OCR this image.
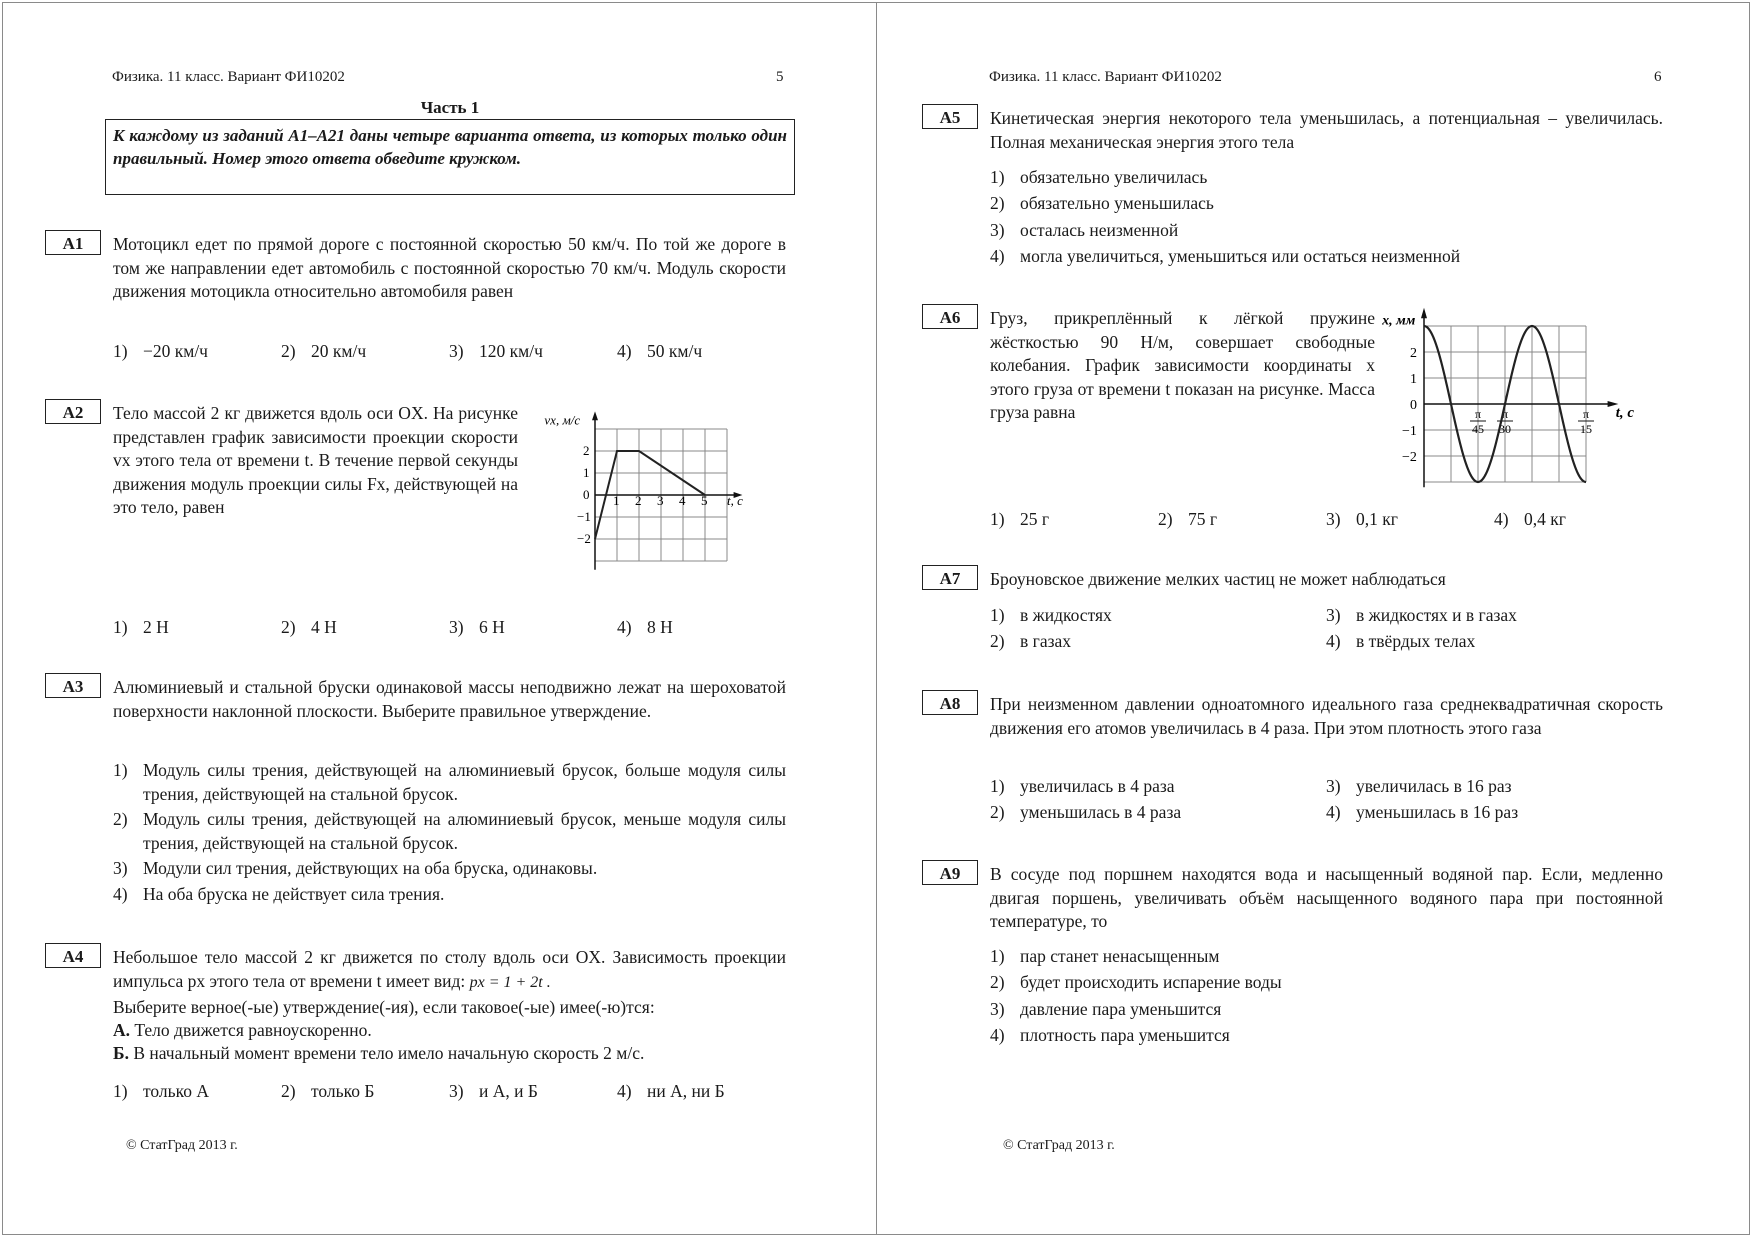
Физика. 11 класс. Вариант ФИ10202	5
Часть 1
К каждому из заданий А1–А21 даны четыре варианта ответа, из которых только один правильный. Номер этого ответа обведите кружком.
А1	Мотоцикл едет по прямой дороге с постоянной скоростью 50 км/ч. По той же дороге в том же направлении едет автомобиль с постоянной скоростью 70 км/ч. Модуль скорости движения мотоцикла относительно автомобиля равен
1) −20 км/ч	2) 20 км/ч	3) 120 км/ч	4) 50 км/ч
А2	Тело массой 2 кг движется вдоль оси OX. На рисунке представлен график зависимости проекции скорости vx этого тела от времени t. В течение первой секунды движения модуль проекции силы Fx, действующей на это тело, равен
vx, м/с
t, с
1 2 3 4 5
−2
−1
0
1
2
1) 2 Н	2) 4 Н	3) 6 Н	4) 8 Н
А3	Алюминиевый и стальной бруски одинаковой массы неподвижно лежат на шероховатой поверхности наклонной плоскости. Выберите правильное утверждение.
1) Модуль силы трения, действующей на алюминиевый брусок, больше модуля силы трения, действующей на стальной брусок.
2) Модуль силы трения, действующей на алюминиевый брусок, меньше модуля силы трения, действующей на стальной брусок.
3) Модули сил трения, действующих на оба бруска, одинаковы.
4) На оба бруска не действует сила трения.
А4	Небольшое тело массой 2 кг движется по столу вдоль оси OX. Зависимость проекции импульса px этого тела от времени t имеет вид: px = 1 + 2t .
Выберите верное(-ые) утверждение(-ия), если таковое(-ые) имее(-ю)тся:
А. Тело движется равноускоренно.
Б. В начальный момент времени тело имело начальную скорость 2 м/с.
1) только А	2) только Б	3) и А, и Б	4) ни А, ни Б
© СтатГрад 2013 г.
Физика. 11 класс. Вариант ФИ10202	6
А5	Кинетическая энергия некоторого тела уменьшилась, а потенциальная – увеличилась. Полная механическая энергия этого тела
1) обязательно увеличилась
2) обязательно уменьшилась
3) осталась неизменной
4) могла увеличиться, уменьшиться или остаться неизменной
А6	Груз, прикреплённый к лёгкой пружине жёсткостью 90 Н/м, совершает свободные колебания. График зависимости координаты x этого груза от времени t показан на рисунке. Масса груза равна
x, мм
t, с
−2
−1
0
1
2
π
45
π
30
π
15
1) 25 г	2) 75 г	3) 0,1 кг	4) 0,4 кг
А7	Броуновское движение мелких частиц не может наблюдаться
1) в жидкостях
2) в газах
3) в жидкостях и в газах
4) в твёрдых телах
А8	При неизменном давлении одноатомного идеального газа среднеквадратичная скорость движения его атомов увеличилась в 4 раза. При этом плотность этого газа
1) увеличилась в 4 раза
2) уменьшилась в 4 раза
3) увеличилась в 16 раз
4) уменьшилась в 16 раз
А9	В сосуде под поршнем находятся вода и насыщенный водяной пар. Если, медленно двигая поршень, увеличивать объём насыщенного водяного пара при постоянной температуре, то
1) пар станет ненасыщенным
2) будет происходить испарение воды
3) давление пара уменьшится
4) плотность пара уменьшится
© СтатГрад 2013 г.
